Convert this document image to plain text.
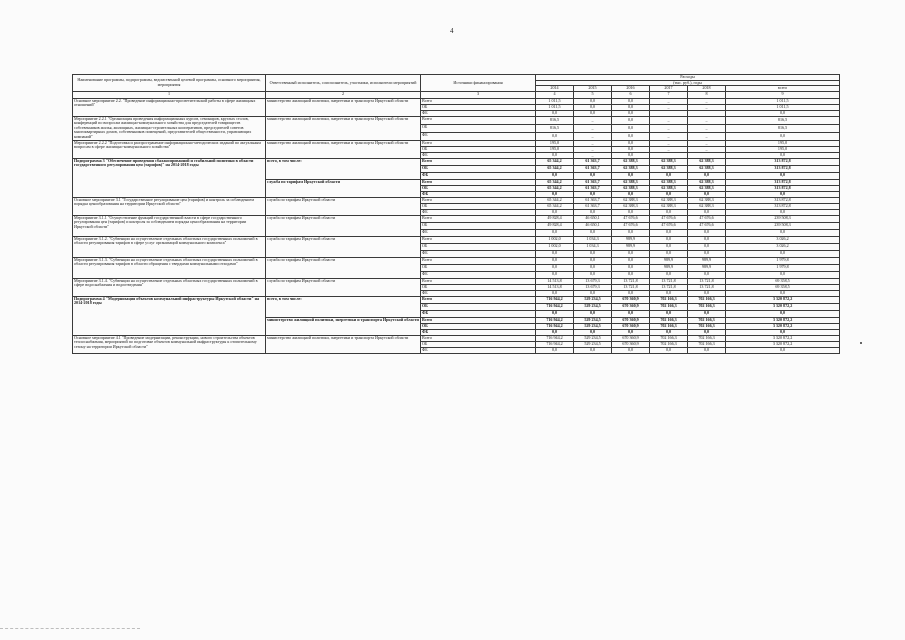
4
Наименование программы, подпрограммы, ведомственной целевой программы, основного мероприятия, мероприятия	Ответственный исполнитель, соисполнитель, участники, исполнители мероприятий	Источники финансирования	Расходы					
			(тыс. руб.), годы					
			2014	2015	2016	2017	2018	всего
1	2	3	4	5	6	7	8	9
Основное мероприятие 2.2. "Проведение информационно-просветительской работы в сфере жилищных отношений"	министерство жилищной политики, энергетики и транспорта Иркутской области	Всего	1 011,5	0,0	0,0	_	_	1 011,5
		ОБ	1 011,5	0,0	0,0	_	_	1 011,5
		ФБ	0,0	0,0	0,0			0,0
Мероприятие 2.2.1 "Организация проведения информационных курсов, семинаров, круглых столов, конференций по вопросам жилищно-коммунального хозяйства для председателей товариществ собственников жилья, жилищных, жилищно-строительных кооперативов, председателей советов многоквартирных домов, собственников помещений, представителей общественности, управляющих компаний"	министерство жилищной политики, энергетики и транспорта Иркутской области	Всего	816,5	_	0,0	_	_	816,5
		ОБ	816,5	_	0,0	_	_	816,5
		ФБ	0,0	_	0,0	_	_	0,0
Мероприятие 2.2.2 "Подготовка и распространение информационно-методических изданий по актуальным вопросам в сфере жилищно-коммунального хозяйства"	министерство жилищной политики, энергетики и транспорта Иркутской области	Всего	195,0	_	0,0	_	_	195,0
		ОБ	195,0	_	0,0	_	_	195,0
		ФБ	0,0	_	0,0			0,0
Подпрограмма 3 "Обеспечение проведения сбалансированной и стабильной политики в области государственного регулирования цен (тарифов)" на 2014-2018 годы	всего, в том числе:	Всего	65 344,2	61 363,7	62 388,3	62 388,3	62 388,3	313 872,8
		ОБ	65 344,2	61 363,7	62 388,3	62 388,3	62 388,3	313 872,8
		ФБ	0,0	0,0	0,0	0,0	0,0	0,0
	служба по тарифам Иркутской области	Всего	65 344,2	61 363,7	62 388,3	62 388,3	62 388,3	313 872,8
		ОБ	65 344,2	61 363,7	62 388,3	62 388,3	62 388,3	313 872,8
		ФБ	0,0	0,0	0,0	0,0	0,0	0,0
Основное мероприятие 3.1 "Государственное регулирование цен (тарифов) и контроль за соблюдением порядка ценообразования на территории Иркутской области"	служба по тарифам Иркутской области	Всего	65 344,2	61 363,7	62 388,3	62 388,3	62 388,3	313 872,8
		ОБ	65 344,2	61 363,7	62 388,3	62 388,3	62 388,3	313 872,8
		ФБ	0,0	0,0	0,0	0,0	0,0	0,0
Мероприятие 3.1.1 "Осуществление функций государственной власти в сфере государственного регулирования цен (тарифов) и контроля за соблюдением порядка ценообразования на территории Иркутской области"	служба по тарифам Иркутской области	Всего	49 828,4	46 650,1	47 676,6	47 676,6	47 676,6	239 508,3
		ОБ	49 828,4	46 650,1	47 676,6	47 676,6	47 676,6	239 508,3
		ФБ	0,0	0,0	0,0	0,0	0,0	0,0
Мероприятие 3.1.2. "Субвенции на осуществление отдельных областных государственных полномочий в области регулирования тарифов в сфере услуг организаций коммунального комплекса"	служба по тарифам Иркутской области	Всего	1 002,0	1 034,3	989,9	0,0	0,0	3 026,2
		ОБ	1 002,0	1 034,3	989,9	0,0	0,0	3 026,2
		ФБ	0,0	0,0	0,0	0,0	0,0	0,0
Мероприятие 3.1.3. "Субвенции на осуществление отдельных областных государственных полномочий в области регулирования тарифов в области обращения с твердыми коммунальными отходами"	служба по тарифам Иркутской области	Всего	0,0	0,0	0,0	989,9	989,9	1 979,8
		ОБ	0,0	0,0	0,0	989,9	989,9	1 979,8
		ФБ	0,0	0,0	0,0	0,0	0,0	0,0
Мероприятие 3.1.4. "Субвенции на осуществление отдельных областных государственных полномочий в сфере водоснабжения и водоотведения"	служба по тарифам Иркутской области	Всего	14 513,8	13 679,3	13 721,8	13 721,8	13 721,8	69 358,5
		ОБ	14 513,8	13 679,3	13 721,8	13 721,8	13 721,8	69 358,5
		ФБ	0,0	0,0	0,0	0,0	0,0	0,0
Подпрограмма 4 "Модернизация объектов коммунальной инфраструктуры Иркутской области" на 2014-2018 годы	всего, в том числе:	Всего	716 944,2	529 234,5	670 360,9	702 166,3	702 166,3	3 320 872,2
		ОБ	716 944,2	529 234,5	670 360,9	702 166,3	702 166,3	3 320 872,2
		ФБ	0,0	0,0	0,0	0,0	0,0	0,0
	министерство жилищной политики, энергетики и транспорта Иркутской области	Всего	716 944,2	529 234,5	670 360,9	702 166,3	702 166,3	3 320 872,2
		ОБ	716 944,2	529 234,5	670 360,9	702 166,3	702 166,3	3 320 872,2
		ФБ	0,0	0,0	0,0	0,0	0,0	0,0
Основное мероприятие 4.1 "Проведение модернизации, реконструкции, нового строительства объектов теплоснабжения, мероприятий по подготовке объектов коммунальной инфраструктуры к отопительному сезону на территории Иркутской области"	министерство жилищной политики, энергетики и транспорта Иркутской области	Всего	716 944,2	529 234,5	670 360,9	702 166,3	702 166,3	3 320 872,2
		ОБ	716 944,2	529 234,5	670 360,9	702 166,3	702 166,3	3 320 872,2
		ФБ	0,0	0,0	0,0	0,0	0,0	0,0
